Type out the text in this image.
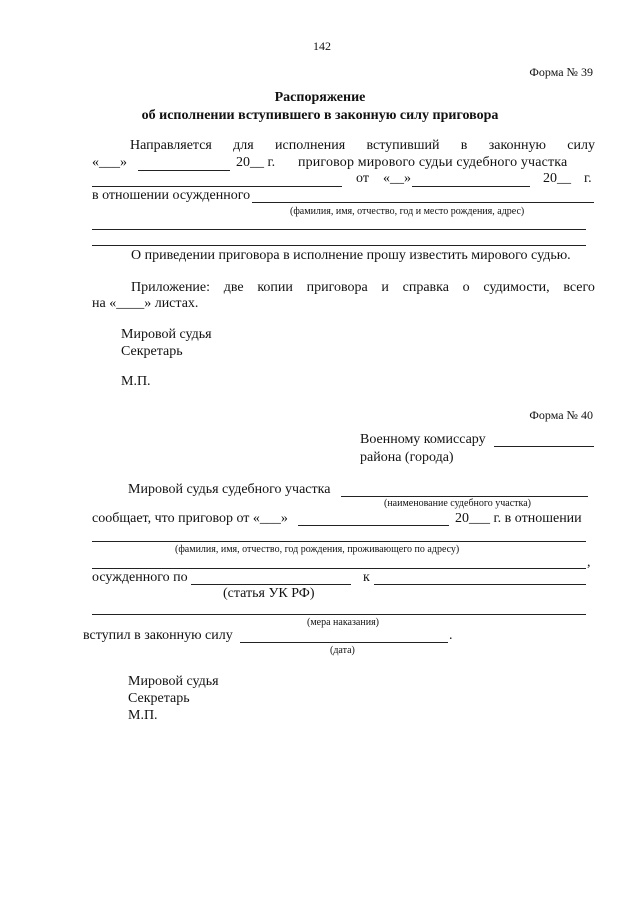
142
Форма № 39
Распоряжение
об исполнении вступившего в законную силу приговора
Направляется для исполнения вступивший в законную силу
«___»	20__ г. приговор мирового судьи судебного участка
от «__»	20__ г.
в отношении осужденного
(фамилия, имя, отчество, год и место рождения, адрес)
О приведении приговора в исполнение прошу известить мирового судью.
Приложение: две копии приговора и справка о судимости, всего
на «____» листах.
Мировой судья
Секретарь
М.П.
Форма № 40
Военному комиссару
района (города)
Мировой судья судебного участка
(наименование судебного участка)
сообщает, что приговор от «___»	20___ г. в отношении
(фамилия, имя, отчество, год рождения, проживающего по адресу)
,
осужденного по	к
(статья УК РФ)
(мера наказания)
вступил в законную силу	.
(дата)
Мировой судья
Секретарь
М.П.
